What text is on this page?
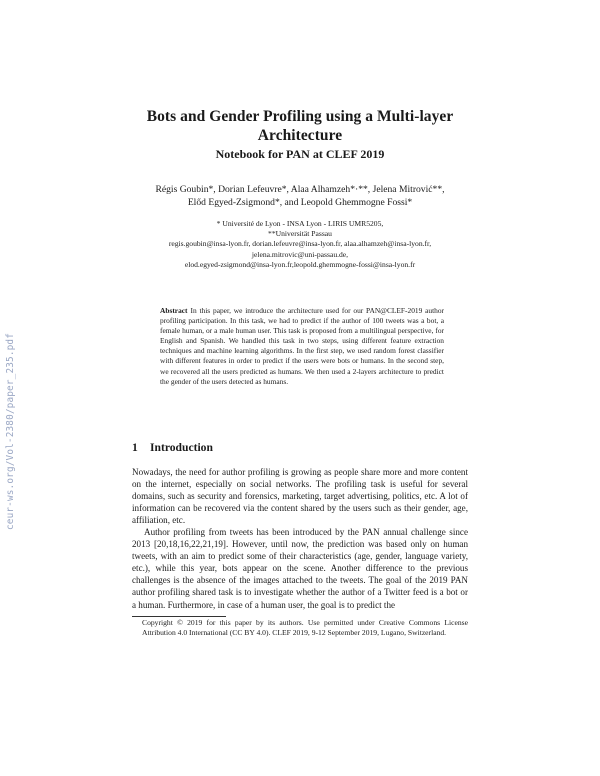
ceur-ws.org/Vol-2380/paper_235.pdf
Bots and Gender Profiling using a Multi-layer Architecture
Notebook for PAN at CLEF 2019
Régis Goubin*, Dorian Lefeuvre*, Alaa Alhamzeh*·**, Jelena Mitrović**, Előd Egyed-Zsigmond*, and Leopold Ghemmogne Fossi*
* Université de Lyon - INSA Lyon - LIRIS UMR5205,
**Universität Passau
regis.goubin@insa-lyon.fr, dorian.lefeuvre@insa-lyon.fr, alaa.alhamzeh@insa-lyon.fr,
jelena.mitrovic@uni-passau.de,
elod.egyed-zsigmond@insa-lyon.fr,leopold.ghemmogne-fossi@insa-lyon.fr
Abstract In this paper, we introduce the architecture used for our PAN@CLEF-2019 author profiling participation. In this task, we had to predict if the author of 100 tweets was a bot, a female human, or a male human user. This task is proposed from a multilingual perspective, for English and Spanish. We handled this task in two steps, using different feature extraction techniques and machine learning algorithms. In the first step, we used random forest classifier with different features in order to predict if the users were bots or humans. In the second step, we recovered all the users predicted as humans. We then used a 2-layers architecture to predict the gender of the users detected as humans.
1 Introduction

Nowadays, the need for author profiling is growing as people share more and more content on the internet, especially on social networks. The profiling task is useful for several domains, such as security and forensics, marketing, target advertising, politics, etc. A lot of information can be recovered via the content shared by the users such as their gender, age, affiliation, etc.

Author profiling from tweets has been introduced by the PAN annual challenge since 2013 [20,18,16,22,21,19]. However, until now, the prediction was based only on human tweets, with an aim to predict some of their characteristics (age, gender, language variety, etc.), while this year, bots appear on the scene. Another difference to the previous challenges is the absence of the images attached to the tweets. The goal of the 2019 PAN author profiling shared task is to investigate whether the author of a Twitter feed is a bot or a human. Furthermore, in case of a human user, the goal is to predict the

Copyright © 2019 for this paper by its authors. Use permitted under Creative Commons License Attribution 4.0 International (CC BY 4.0). CLEF 2019, 9-12 September 2019, Lugano, Switzerland.
